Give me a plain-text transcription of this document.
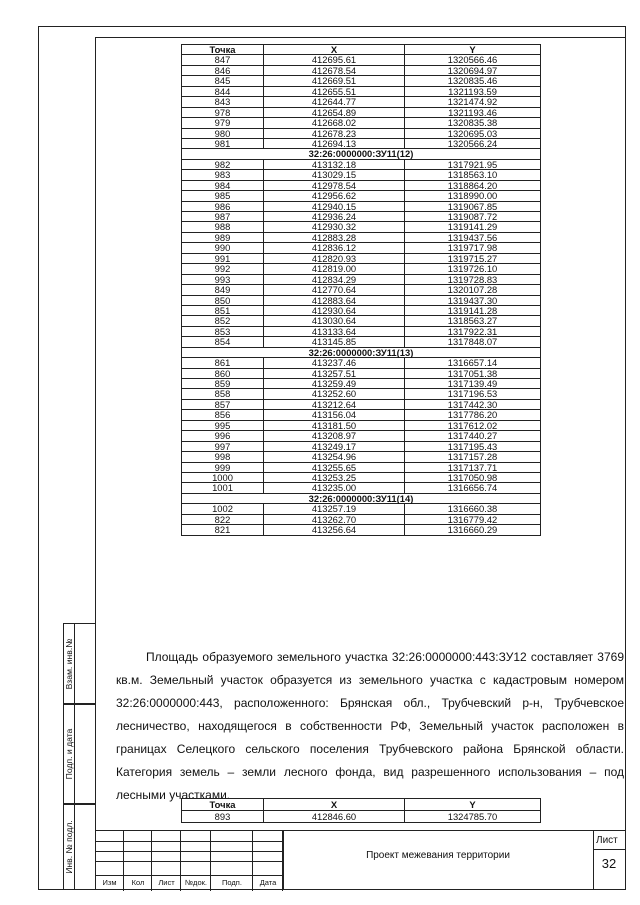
Точка	X	Y
847	412695.61	1320566.46
846	412678.54	1320694.97
845	412669.51	1320835.46
844	412655.51	1321193.59
843	412644.77	1321474.92
978	412654.89	1321193.46
979	412668.02	1320835.38
980	412678.23	1320695.03
981	412694.13	1320566.24
32:26:0000000:ЗУ11(12)		
982	413132.18	1317921.95
983	413029.15	1318563.10
984	412978.54	1318864.20
985	412956.62	1318990.00
986	412940.15	1319067.85
987	412936.24	1319087.72
988	412930.32	1319141.29
989	412883.28	1319437.56
990	412836.12	1319717.98
991	412820.93	1319715.27
992	412819.00	1319726.10
993	412834.29	1319728.83
849	412770.64	1320107.28
850	412883.64	1319437.30
851	412930.64	1319141.28
852	413030.64	1318563.27
853	413133.64	1317922.31
854	413145.85	1317848.07
32:26:0000000:ЗУ11(13)		
861	413237.46	1316657.14
860	413257.51	1317051.38
859	413259.49	1317139.49
858	413252.60	1317196.53
857	413212.64	1317442.30
856	413156.04	1317786.20
995	413181.50	1317612.02
996	413208.97	1317440.27
997	413249.17	1317195.43
998	413254.96	1317157.28
999	413255.65	1317137.71
1000	413253.25	1317050.98
1001	413235.00	1316656.74
32:26:0000000:ЗУ11(14)		
1002	413257.19	1316660.38
822	413262.70	1316779.42
821	413256.64	1316660.29

Площадь образуемого земельного участка 32:26:0000000:443:ЗУ12 составляет 3769 кв.м. Земельный участок образуется из земельного участка с кадастровым номером 32:26:0000000:443, расположенного: Брянская обл., Трубчевский р-н, Трубчевское лесничество, находящегося в собственности РФ, Земельный участок расположен в границах Селецкого сельского поселения Трубчевского района Брянской области. Категория земель – земли лесного фонда, вид разрешенного использования – под лесными участками.

Точка	X	Y
893	412846.60	1324785.70
Взам. инв.№
Подп. и дата
Инв. № подл.
Изм	Кол	Лист	№док.	Подп.	Дата
Проект межевания территории
Лист
32
